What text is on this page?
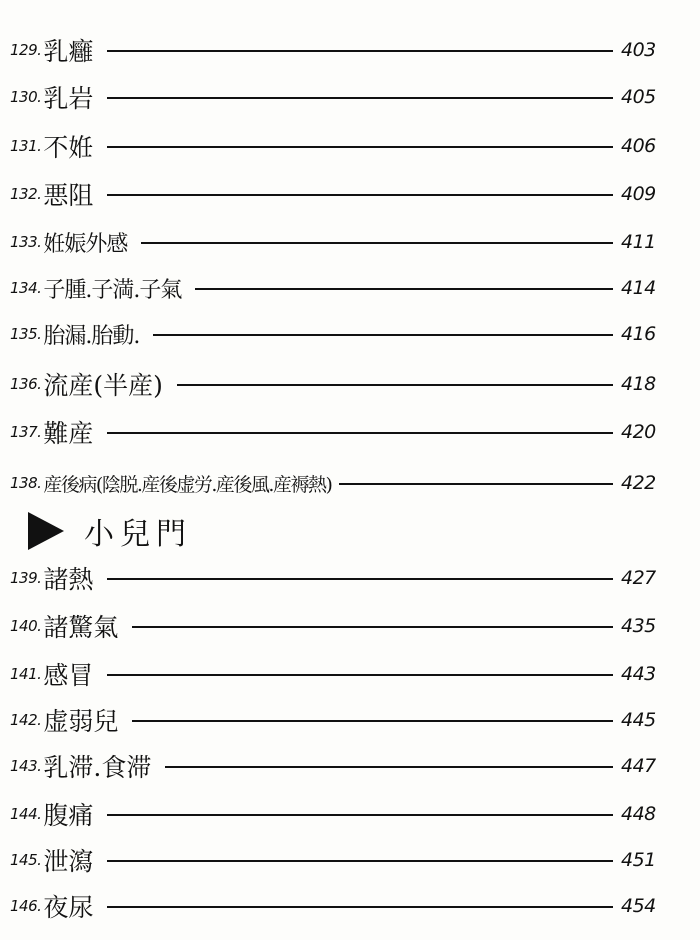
129. 乳癰	403
130. 乳岩	405
131. 不姙	406
132. 悪阻	409
133. 姙娠外感	411
134. 子腫.子満.子氣	414
135. 胎漏.胎動.	416
136. 流産(半産)	418
137. 難産	420
138. 産後病(陰脱.産後虚労.産後風.産褥熱)	422
小兒門
139. 諸熱	427
140. 諸驚氣	435
141. 感冒	443
142. 虚弱兒	445
143. 乳滞.食滞	447
144. 腹痛	448
145. 泄瀉	451
146. 夜尿	454
